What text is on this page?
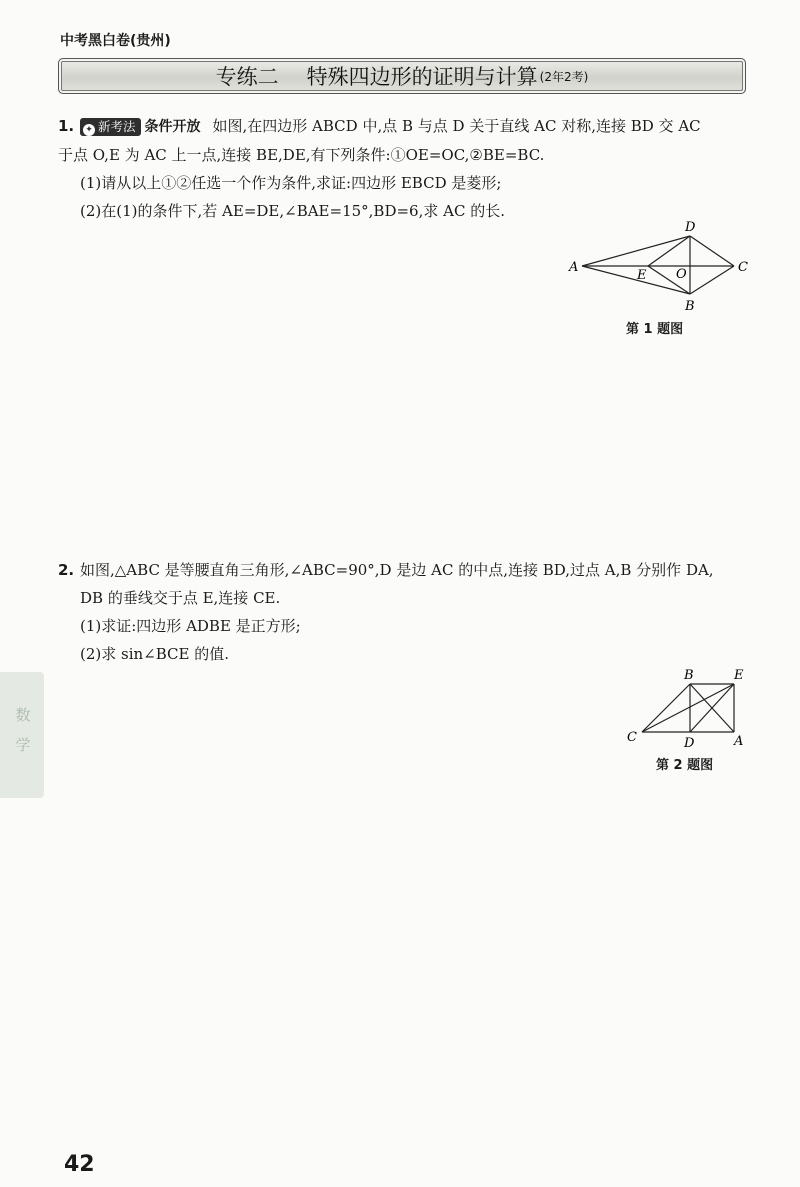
中考黑白卷(贵州)
专练二 特殊四边形的证明与计算 (2年2考)
1. ✦ 新考法 条件开放 如图,在四边形 ABCD 中,点 B 与点 D 关于直线 AC 对称,连接 BD 交 AC
于点 O,E 为 AC 上一点,连接 BE,DE,有下列条件:①OE=OC,②BE=BC.
(1)请从以上①②任选一个作为条件,求证:四边形 EBCD 是菱形;
(2)在(1)的条件下,若 AE=DE,∠BAE=15°,BD=6,求 AC 的长.
A
D
C
B
E O
第 1 题图
2. 如图,△ABC 是等腰直角三角形,∠ABC=90°,D 是边 AC 的中点,连接 BD,过点 A,B 分别作 DA,
DB 的垂线交于点 E,连接 CE.
(1)求证:四边形 ADBE 是正方形;
(2)求 sin∠BCE 的值.
B	E
C	D	A
第 2 题图
数学
42
